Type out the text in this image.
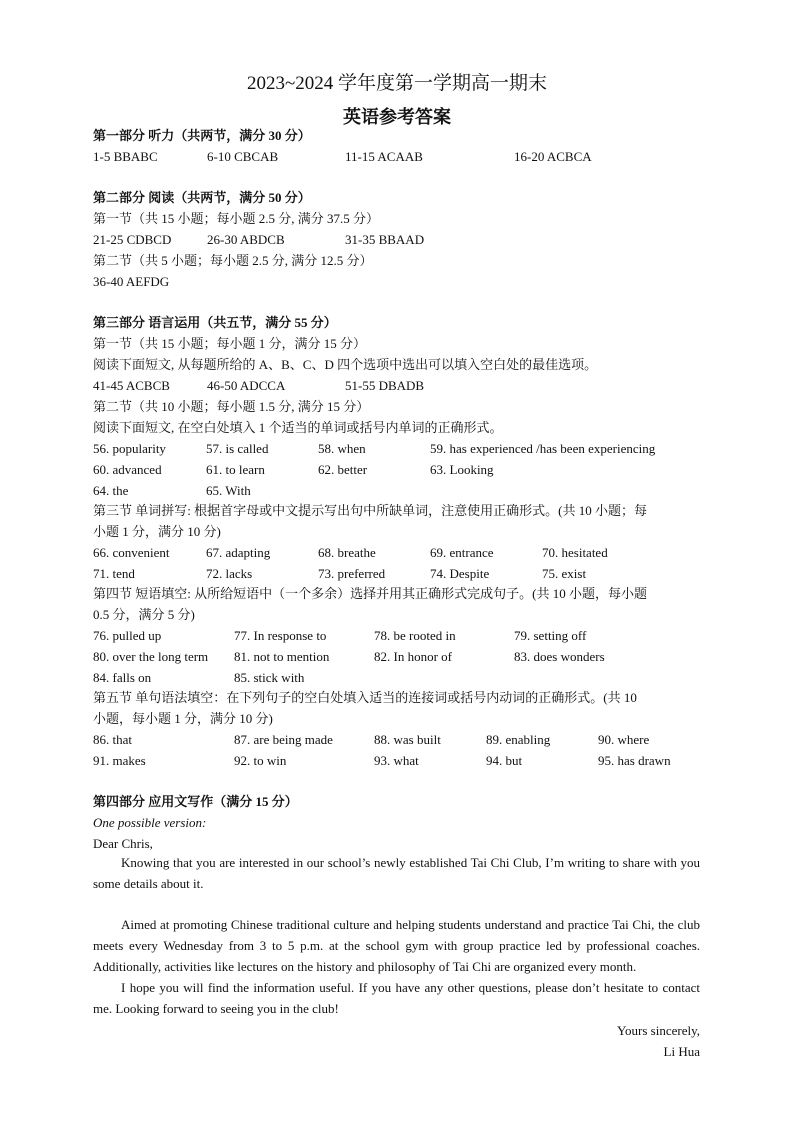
2023~2024 学年度第一学期高一期末
英语参考答案
第一部分 听力（共两节，满分 30 分）
1-5 BBABC	6-10 CBCAB	11-15 ACAAB	16-20 ACBCA
第二部分 阅读（共两节，满分 50 分）
第一节（共 15 小题；每小题 2.5 分, 满分 37.5 分）
21-25 CDBCD	26-30 ABDCB	31-35 BBAAD
第二节（共 5 小题；每小题 2.5 分, 满分 12.5 分）
36-40 AEFDG
第三部分 语言运用（共五节，满分 55 分）
第一节（共 15 小题；每小题 1 分，满分 15 分）
阅读下面短文, 从每题所给的 A、B、C、D 四个选项中选出可以填入空白处的最佳选项。
41-45 ACBCB	46-50 ADCCA	51-55 DBADB
第二节（共 10 小题；每小题 1.5 分, 满分 15 分）
阅读下面短文, 在空白处填入 1 个适当的单词或括号内单词的正确形式。
56. popularity	57. is called	58. when	59. has experienced /has been experiencing
60. advanced	61. to learn	62. better	63. Looking
64. the	65. With
第三节 单词拼写: 根据首字母或中文提示写出句中所缺单词，注意使用正确形式。(共 10 小题；每
小题 1 分，满分 10 分)
66. convenient	67. adapting	68. breathe	69. entrance	70. hesitated
71. tend	72. lacks	73. preferred	74. Despite	75. exist
第四节 短语填空: 从所给短语中（一个多余）选择并用其正确形式完成句子。(共 10 小题，每小题
0.5 分，满分 5 分)
76. pulled up	77. In response to	78. be rooted in	79. setting off
80. over the long term 81. not to mention	82. In honor of	83. does wonders
84. falls on	85. stick with
第五节 单句语法填空：在下列句子的空白处填入适当的连接词或括号内动词的正确形式。(共 10
小题，每小题 1 分，满分 10 分)
86. that	87. are being made	88. was built	89. enabling	90. where
91. makes	92. to win	93. what	94. but	95. has drawn
第四部分 应用文写作（满分 15 分）
One possible version:
Dear Chris,
Knowing that you are interested in our school’s newly established Tai Chi Club, I’m writing to share with you some details about it.
Aimed at promoting Chinese traditional culture and helping students understand and practice Tai Chi, the club meets every Wednesday from 3 to 5 p.m. at the school gym with group practice led by professional coaches. Additionally, activities like lectures on the history and philosophy of Tai Chi are organized every month.
I hope you will find the information useful. If you have any other questions, please don’t hesitate to contact me. Looking forward to seeing you in the club!
Yours sincerely,
Li Hua
